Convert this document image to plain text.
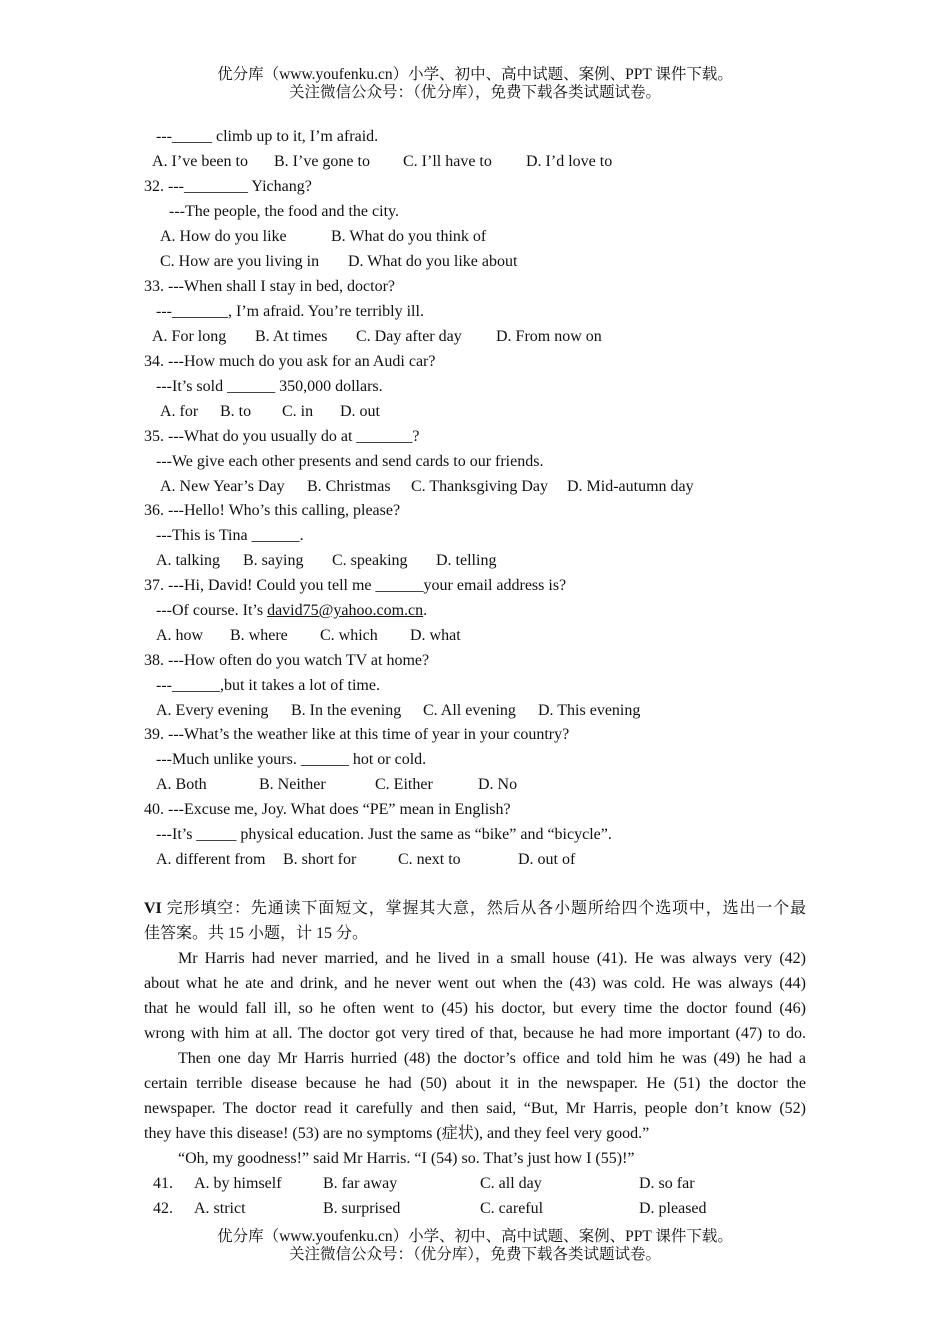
优分库（www.youfenku.cn）小学、初中、高中试题、案例、PPT 课件下载。
关注微信公众号：（优分库），免费下载各类试题试卷。
---_____ climb up to it, I’m afraid.
A. I’ve been to B. I’ve gone to C. I’ll have to D. I’d love to
32. ---________ Yichang?
---The people, the food and the city.
A. How do you like	B. What do you think of
C. How are you living in D. What do you like about
33. ---When shall I stay in bed, doctor?
---_______, I’m afraid. You’re terribly ill.
A. For long B. At times C. Day after day D. From now on
34. ---How much do you ask for an Audi car?
---It’s sold ______ 350,000 dollars.
A. for B. to C. in D. out
35. ---What do you usually do at _______?
---We give each other presents and send cards to our friends.
A. New Year’s Day B. Christmas C. Thanksgiving Day D. Mid-autumn day
36. ---Hello! Who’s this calling, please?
---This is Tina ______.
A. talking B. saying C. speaking D. telling
37. ---Hi, David! Could you tell me ______your email address is?
---Of course. It’s david75@yahoo.com.cn.
A. how B. where C. which D. what
38. ---How often do you watch TV at home?
---______,but it takes a lot of time.
A. Every evening B. In the evening C. All evening D. This evening
39. ---What’s the weather like at this time of year in your country?
---Much unlike yours. ______ hot or cold.
A. Both	B. Neither	C. Either	D. No
40. ---Excuse me, Joy. What does “PE” mean in English?
---It’s _____ physical education. Just the same as “bike” and “bicycle”.
A. different from B. short for	C. next to	D. out of
VI 完形填空：先通读下面短文，掌握其大意，然后从各小题所给四个选项中，选出一个最
佳答案。共 15 小题，计 15 分。
Mr Harris had never married, and he lived in a small house (41). He was always very (42)
about what he ate and drink, and he never went out when the (43) was cold. He was always (44)
that he would fall ill, so he often went to (45) his doctor, but every time the doctor found (46)
wrong with him at all. The doctor got very tired of that, because he had more important (47) to do.
Then one day Mr Harris hurried (48) the doctor’s office and told him he was (49) he had a
certain terrible disease because he had (50) about it in the newspaper. He (51) the doctor the
newspaper. The doctor read it carefully and then said, “But, Mr Harris, people don’t know (52)
they have this disease! (53) are no symptoms (症状), and they feel very good.”
“Oh, my goodness!” said Mr Harris. “I (54) so. That’s just how I (55)!”
41. A. by himself	B. far away	C. all day	D. so far
42. A. strict	B. surprised	C. careful	D. pleased
优分库（www.youfenku.cn）小学、初中、高中试题、案例、PPT 课件下载。
关注微信公众号：（优分库），免费下载各类试题试卷。
